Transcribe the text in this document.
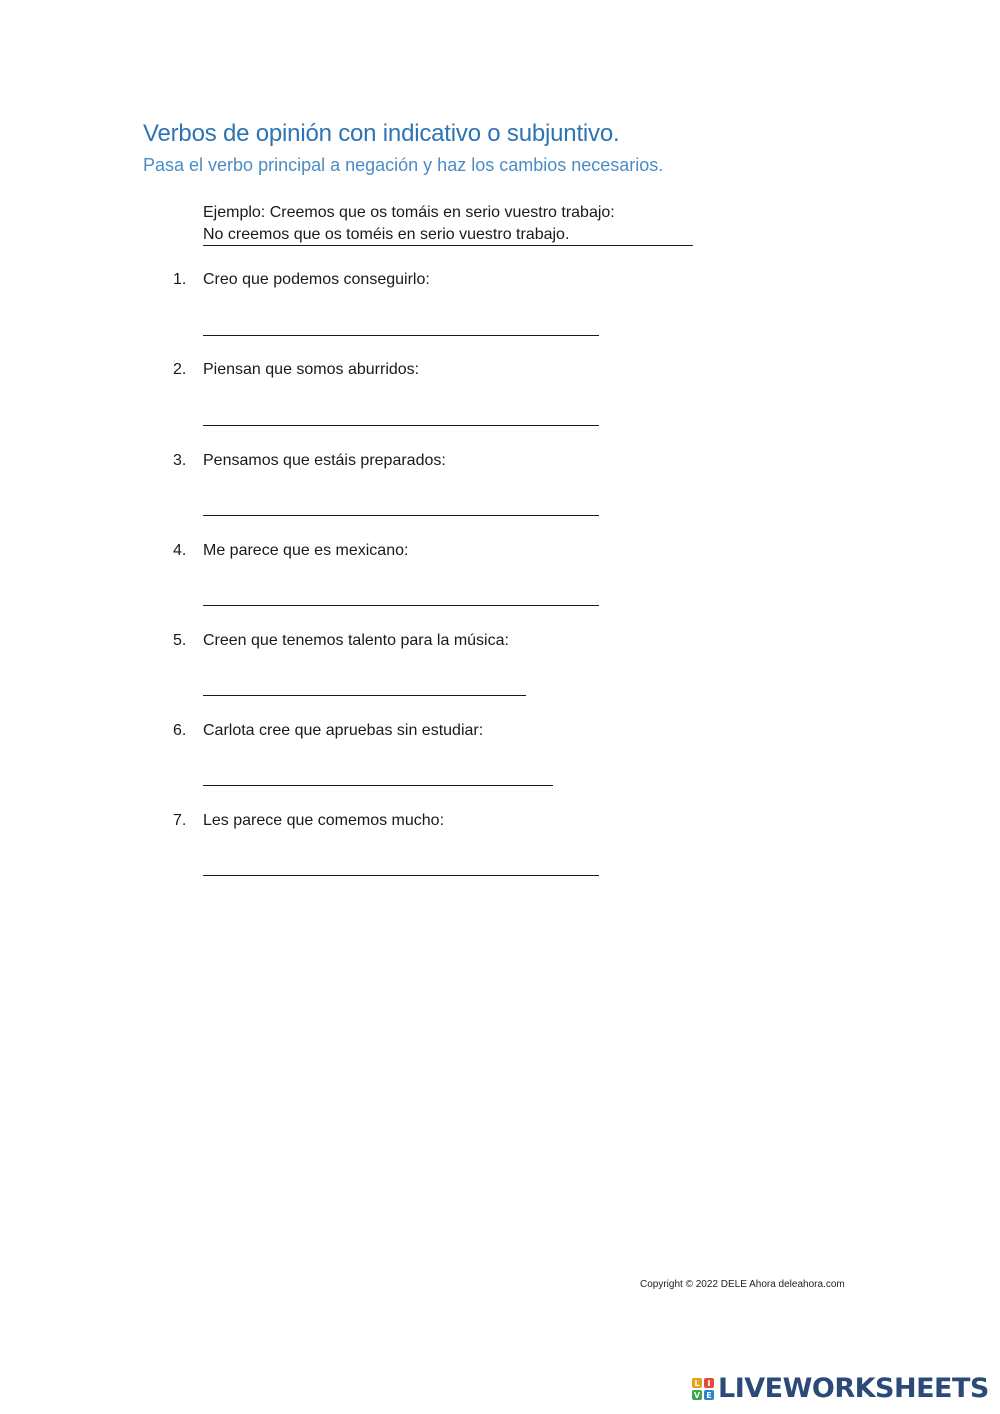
Verbos de opinión con indicativo o subjuntivo.
Pasa el verbo principal a negación y haz los cambios necesarios.
Ejemplo: Creemos que os tomáis en serio vuestro trabajo:
No creemos que os toméis en serio vuestro trabajo.
1. Creo que podemos conseguirlo:
2. Piensan que somos aburridos:
3. Pensamos que estáis preparados:
4. Me parece que es mexicano:
5. Creen que tenemos talento para la música:
6. Carlota cree que apruebas sin estudiar:
7. Les parece que comemos mucho:
Copyright © 2022 DELE Ahora deleahora.com
L I
V E LIVEWORKSHEETS
